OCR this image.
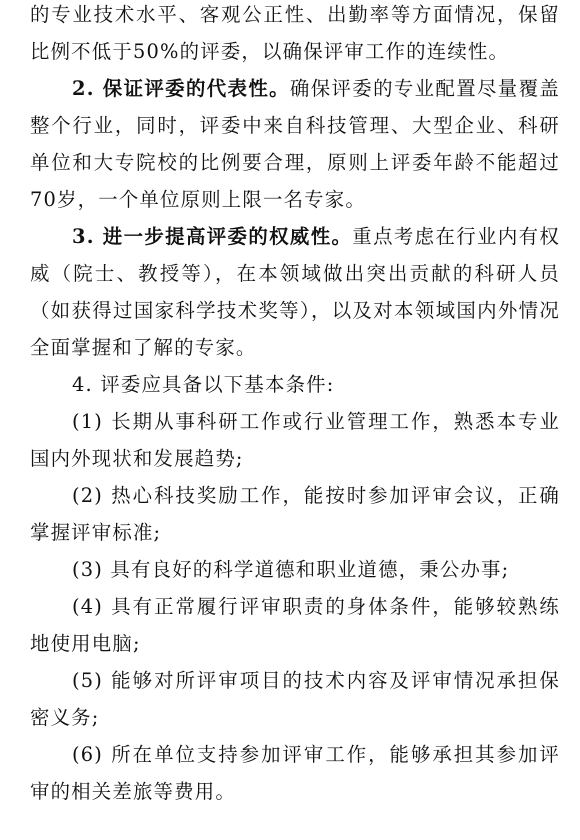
的专业技术水平、客观公正性、出勤率等方面情况，保留比例不低于50%的评委，以确保评审工作的连续性。

2. 保证评委的代表性。确保评委的专业配置尽量覆盖整个行业，同时，评委中来自科技管理、大型企业、科研单位和大专院校的比例要合理，原则上评委年龄不能超过 70岁，一个单位原则上限一名专家。

3. 进一步提高评委的权威性。重点考虑在行业内有权威（院士、教授等），在本领域做出突出贡献的科研人员（如获得过国家科学技术奖等），以及对本领域国内外情况全面掌握和了解的专家。

4. 评委应具备以下基本条件:

(1) 长期从事科研工作或行业管理工作，熟悉本专业国内外现状和发展趋势;

(2) 热心科技奖励工作，能按时参加评审会议，正确掌握评审标准;

(3) 具有良好的科学道德和职业道德，秉公办事;

(4) 具有正常履行评审职责的身体条件，能够较熟练地使用电脑;

(5) 能够对所评审项目的技术内容及评审情况承担保密义务;

(6) 所在单位支持参加评审工作，能够承担其参加评审的相关差旅等费用。
